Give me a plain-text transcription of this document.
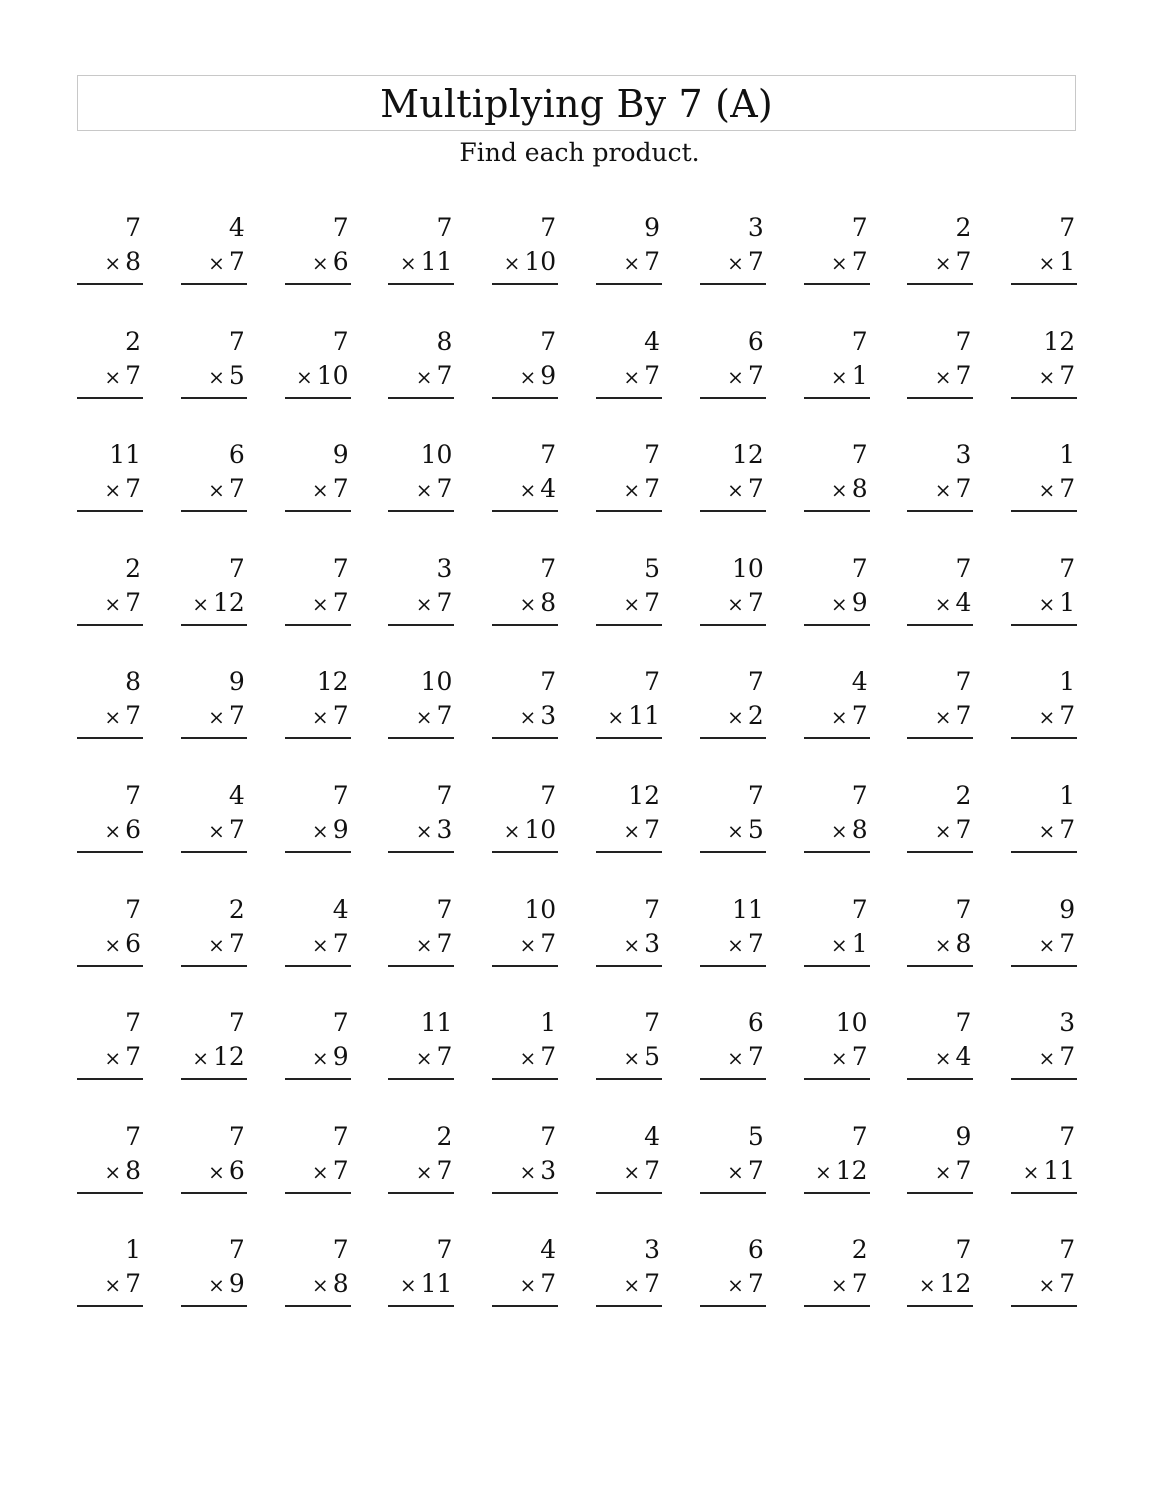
Multiplying By 7 (A)
Find each product.
7
× 8
4
× 7
7
× 6
7
× 11
7
× 10
9
× 7
3
× 7
7
× 7
2
× 7
7
× 1
2
× 7
7
× 5
7
× 10
8
× 7
7
× 9
4
× 7
6
× 7
7
× 1
7
× 7
12
× 7
11
× 7
6
× 7
9
× 7
10
× 7
7
× 4
7
× 7
12
× 7
7
× 8
3
× 7
1
× 7
2
× 7
7
× 12
7
× 7
3
× 7
7
× 8
5
× 7
10
× 7
7
× 9
7
× 4
7
× 1
8
× 7
9
× 7
12
× 7
10
× 7
7
× 3
7
× 11
7
× 2
4
× 7
7
× 7
1
× 7
7
× 6
4
× 7
7
× 9
7
× 3
7
× 10
12
× 7
7
× 5
7
× 8
2
× 7
1
× 7
7
× 6
2
× 7
4
× 7
7
× 7
10
× 7
7
× 3
11
× 7
7
× 1
7
× 8
9
× 7
7
× 7
7
× 12
7
× 9
11
× 7
1
× 7
7
× 5
6
× 7
10
× 7
7
× 4
3
× 7
7
× 8
7
× 6
7
× 7
2
× 7
7
× 3
4
× 7
5
× 7
7
× 12
9
× 7
7
× 11
1
× 7
7
× 9
7
× 8
7
× 11
4
× 7
3
× 7
6
× 7
2
× 7
7
× 12
7
× 7
